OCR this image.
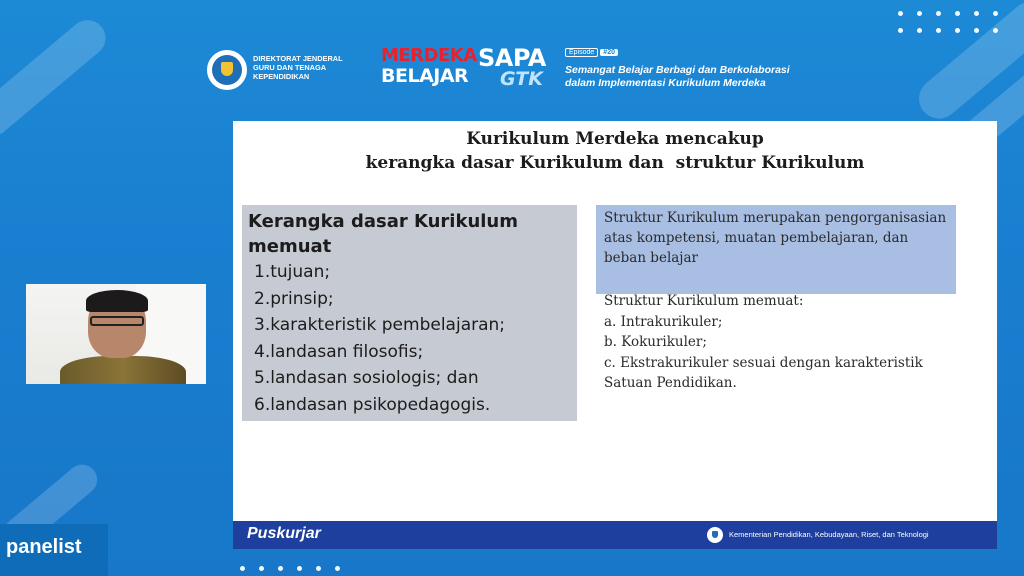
DIREKTORAT JENDERAL GURU DAN TENAGA KEPENDIDIKAN
MERDEKA
BELAJAR
SAPA
GTK
Episode	#20
Semangat Belajar Berbagi dan Berkolaborasi
dalam Implementasi Kurikulum Merdeka
Kurikulum Merdeka mencakup
kerangka dasar Kurikulum dan  struktur Kurikulum
Kerangka dasar Kurikulum memuat
1.tujuan;
2.prinsip;
3.karakteristik pembelajaran;
4.landasan filosofis;
5.landasan sosiologis; dan
6.landasan psikopedagogis.
Struktur Kurikulum merupakan pengorganisasian atas kompetensi, muatan pembelajaran, dan beban belajar
Struktur Kurikulum memuat:
a. Intrakurikuler;
b. Kokurikuler;
c. Ekstrakurikuler sesuai dengan karakteristik Satuan Pendidikan.
Puskurjar	Kementerian Pendidikan, Kebudayaan, Riset, dan Teknologi
panelist
